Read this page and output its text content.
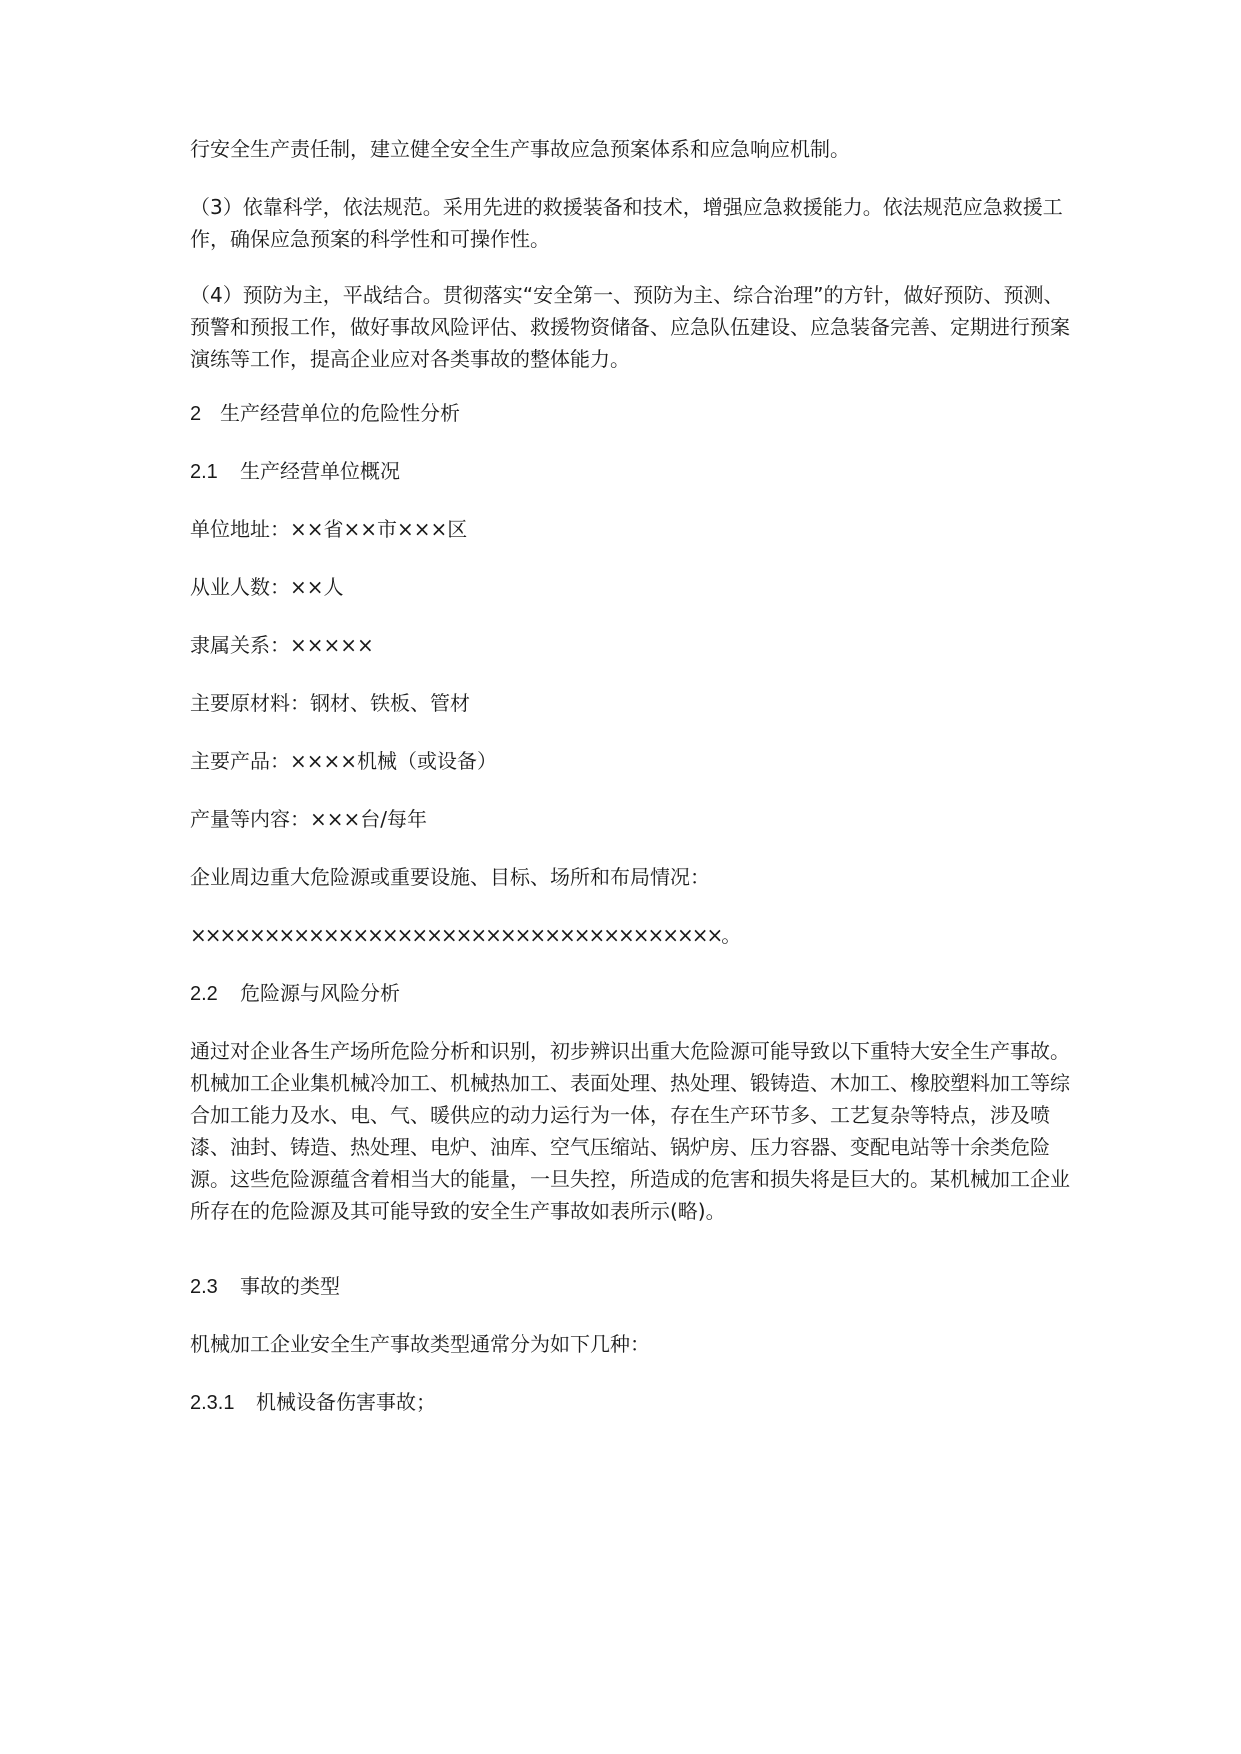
行安全生产责任制，建立健全安全生产事故应急预案体系和应急响应机制。
（3）依靠科学，依法规范。采用先进的救援装备和技术，增强应急救援能力。依法规范应急救援工作，确保应急预案的科学性和可操作性。
（4）预防为主，平战结合。贯彻落实“安全第一、预防为主、综合治理”的方针，做好预防、预测、预警和预报工作，做好事故风险评估、救援物资储备、应急队伍建设、应急装备完善、定期进行预案演练等工作，提高企业应对各类事故的整体能力。
2 生产经营单位的危险性分析
2.1 生产经营单位概况
单位地址：××省××市×××区
从业人数：××人
隶属关系：×××××
主要原材料：钢材、铁板、管材
主要产品：××××机械（或设备）
产量等内容：×××台/每年
企业周边重大危险源或重要设施、目标、场所和布局情况：
××××××××××××××××××××××××××××××××××××。
2.2 危险源与风险分析
通过对企业各生产场所危险分析和识别，初步辨识出重大危险源可能导致以下重特大安全生产事故。机械加工企业集机械冷加工、机械热加工、表面处理、热处理、锻铸造、木加工、橡胶塑料加工等综合加工能力及水、电、气、暖供应的动力运行为一体，存在生产环节多、工艺复杂等特点，涉及喷漆、油封、铸造、热处理、电炉、油库、空气压缩站、锅炉房、压力容器、变配电站等十余类危险源。这些危险源蕴含着相当大的能量，一旦失控，所造成的危害和损失将是巨大的。某机械加工企业所存在的危险源及其可能导致的安全生产事故如表所示(略)。
2.3 事故的类型
机械加工企业安全生产事故类型通常分为如下几种：
2.3.1 机械设备伤害事故；
